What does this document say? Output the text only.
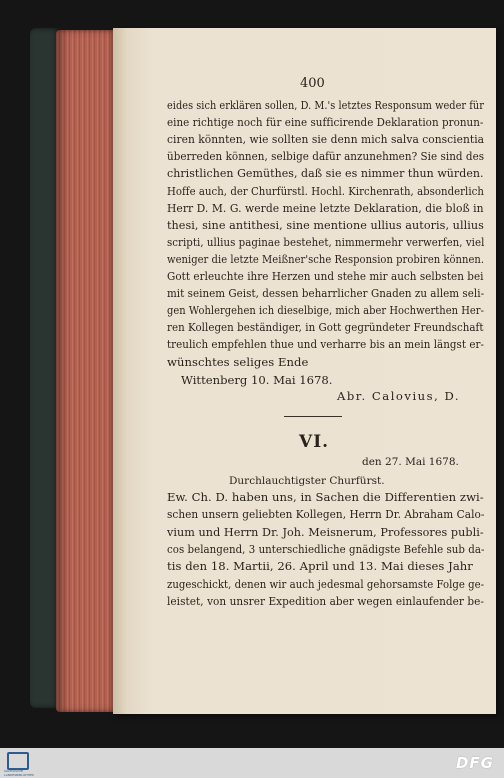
400
eides sich erklären sollen, D. M.'s letztes Responsum weder für
eine richtige noch für eine sufficirende Deklaration pronun-
ciren könnten, wie sollten sie denn mich salva conscientia
überreden können, selbige dafür anzunehmen? Sie sind des
christlichen Gemüthes, daß sie es nimmer thun würden.
Hoffe auch, der Churfürstl. Hochl. Kirchenrath, absonderlich
Herr D. M. G. werde meine letzte Deklaration, die bloß in
thesi, sine antithesi, sine mentione ullius autoris, ullius
scripti, ullius paginae bestehet, nimmermehr verwerfen, viel
weniger die letzte Meißner'sche Responsion probiren können.
Gott erleuchte ihre Herzen und stehe mir auch selbsten bei
mit seinem Geist, dessen beharrlicher Gnaden zu allem seli-
gen Wohlergehen ich dieselbige, mich aber Hochwerthen Her-
ren Kollegen beständiger, in Gott gegründeter Freundschaft
treulich empfehlen thue und verharre bis an mein längst er-
wünschtes seliges Ende
Wittenberg 10. Mai 1678.
Abr. Calovius, D.
VI.
den 27. Mai 1678.
Durchlauchtigster Churfürst.
Ew. Ch. D. haben uns, in Sachen die Differentien zwi-
schen unsern geliebten Kollegen, Herrn Dr. Abraham Calo-
vium und Herrn Dr. Joh. Meisnerum, Professores publi-
cos belangend, 3 unterschiedliche gnädigste Befehle sub da-
tis den 18. Martii, 26. April und 13. Mai dieses Jahr
zugeschickt, denen wir auch jedesmal gehorsamste Folge ge-
leistet, von unsrer Expedition aber wegen einlaufender be-
SÄCHSISCHE LANDESBIBLIOTHEK
DFG
